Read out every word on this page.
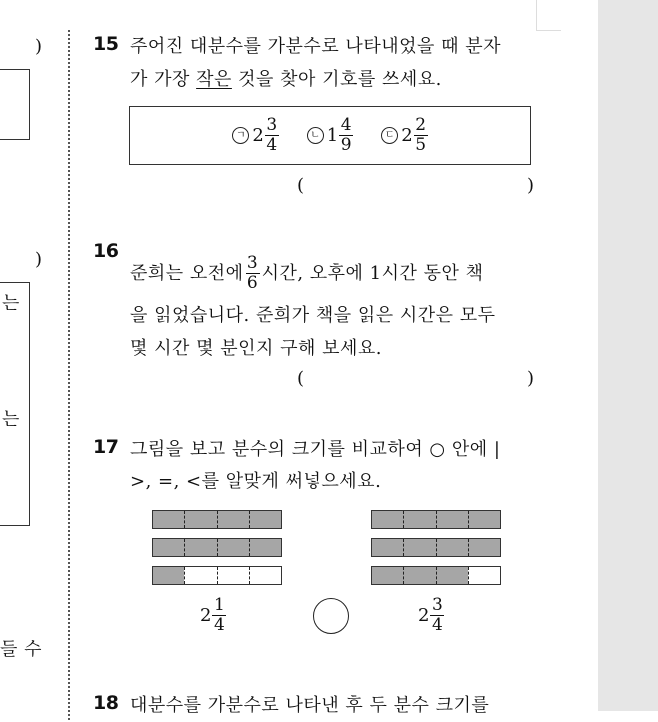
)
)
는
는
들 수
15 주어진 대분수를 가분수로 나타내었을 때 분자
가 가장 작은 것을 찾아 기호를 쓰세요.
ㄱ $2 \frac{3}{4}$	ㄴ $1 \frac{4}{9}$	ㄷ $2 \frac{2}{5}$
(	)
16
준희는 오전에 $\frac{3}{6}$ 시간, 오후에 1시간 동안 책
을 읽었습니다. 준희가 책을 읽은 시간은 모두
몇 시간 몇 분인지 구해 보세요.
(	)
17 그림을 보고 분수의 크기를 비교하여 ○ 안에 |
>, =, <를 알맞게 써넣으세요.
$2 \frac{1}{4}$	$2 \frac{3}{4}$
18 대분수를 가분수로 나타낸 후 두 분수 크기를
